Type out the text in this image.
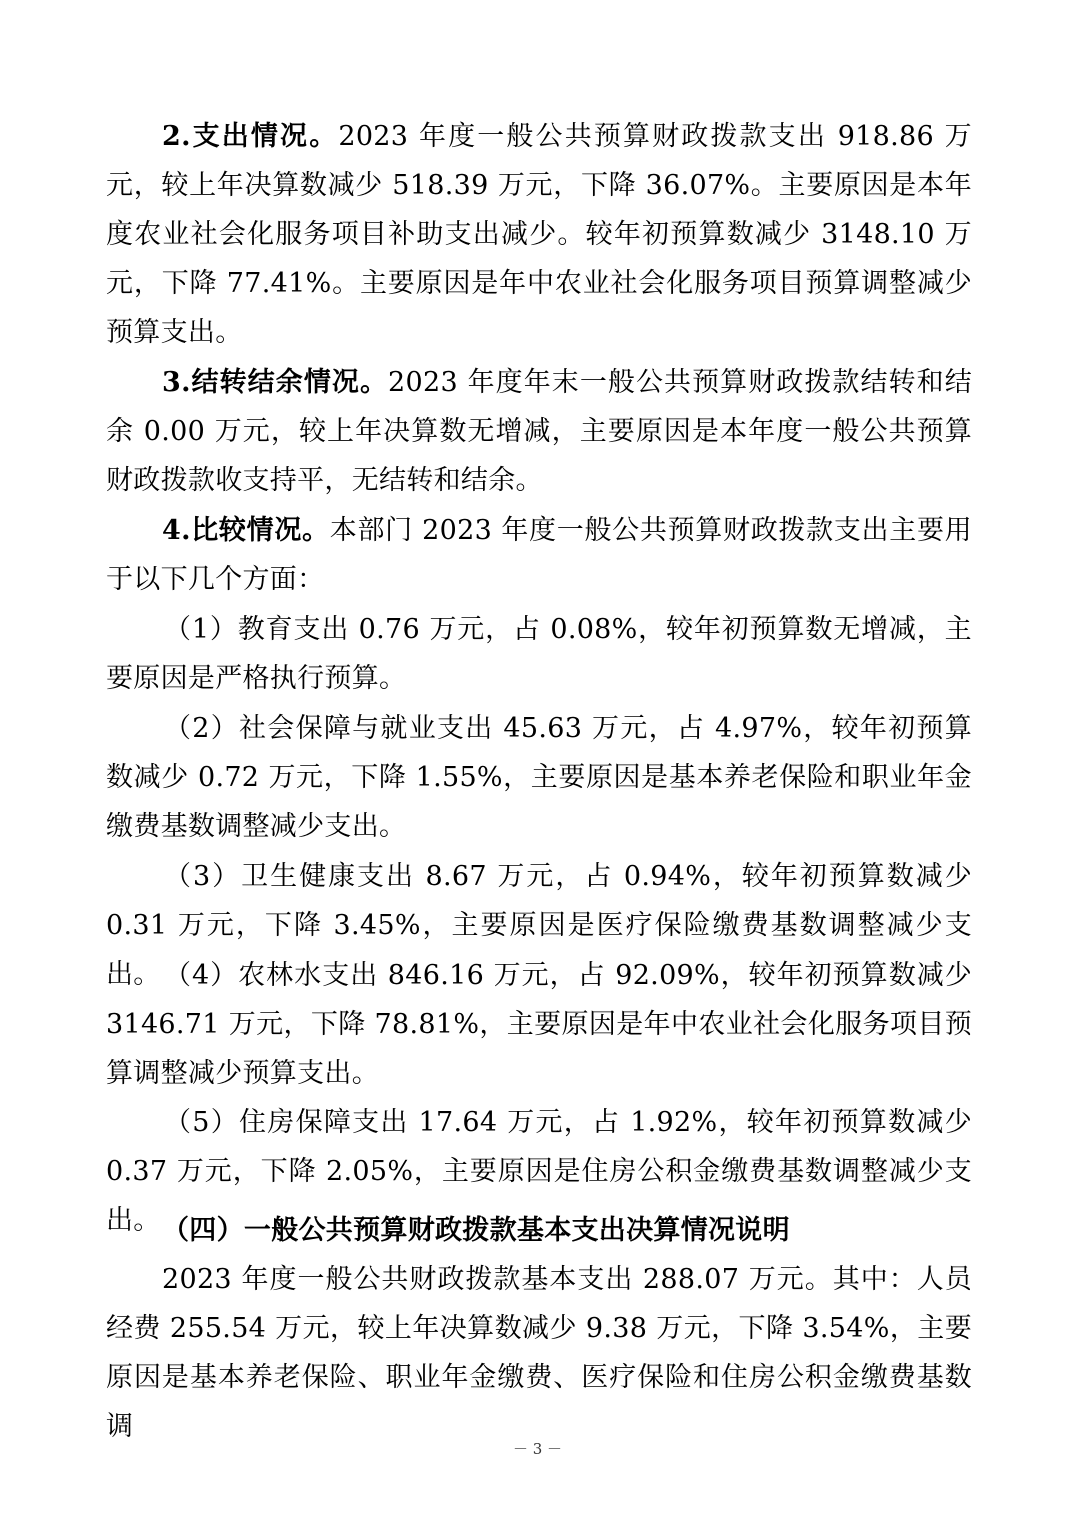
2.支出情况。2023 年度一般公共预算财政拨款支出 918.86 万元，较上年决算数减少 518.39 万元，下降 36.07%。主要原因是本年度农业社会化服务项目补助支出减少。较年初预算数减少 3148.10 万元，下降 77.41%。主要原因是年中农业社会化服务项目预算调整减少预算支出。

3.结转结余情况。2023 年度年末一般公共预算财政拨款结转和结余 0.00 万元，较上年决算数无增减，主要原因是本年度一般公共预算财政拨款收支持平，无结转和结余。

4.比较情况。本部门 2023 年度一般公共预算财政拨款支出主要用于以下几个方面：

（1）教育支出 0.76 万元，占 0.08%，较年初预算数无增减，主要原因是严格执行预算。

（2）社会保障与就业支出 45.63 万元，占 4.97%，较年初预算数减少 0.72 万元，下降 1.55%，主要原因是基本养老保险和职业年金缴费基数调整减少支出。

（3）卫生健康支出 8.67 万元，占 0.94%，较年初预算数减少 0.31 万元，下降 3.45%，主要原因是医疗保险缴费基数调整减少支出。 （4）农林水支出 846.16 万元，占 92.09%，较年初预算数减少 3146.71 万元，下降 78.81%，主要原因是年中农业社会化服务项目预算调整减少预算支出。

（5）住房保障支出 17.64 万元，占 1.92%，较年初预算数减少 0.37 万元，下降 2.05%，主要原因是住房公积金缴费基数调整减少支出。 （四）一般公共预算财政拨款基本支出决算情况说明

2023 年度一般公共财政拨款基本支出 288.07 万元。其中：人员经费 255.54 万元，较上年决算数减少 9.38 万元，下降 3.54%，主要原因是基本养老保险、职业年金缴费、医疗保险和住房公积金缴费基数调

－ 3 －
